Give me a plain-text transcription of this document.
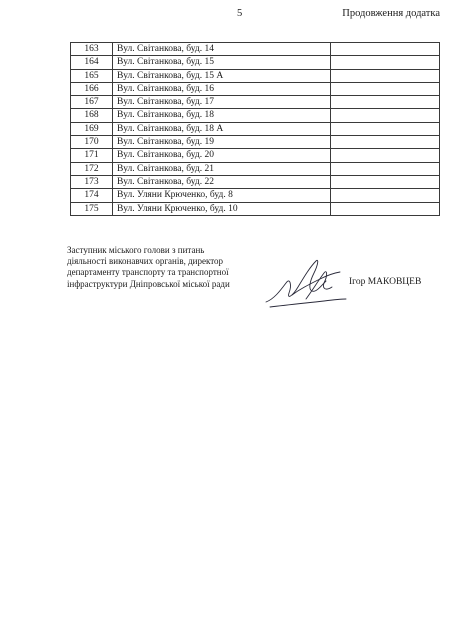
5	Продовження додатка
163	Вул. Світанкова, буд. 14	
164	Вул. Світанкова, буд. 15	
165	Вул. Світанкова, буд. 15 А	
166	Вул. Світанкова, буд. 16	
167	Вул. Світанкова, буд. 17	
168	Вул. Світанкова, буд. 18	
169	Вул. Світанкова, буд. 18 А	
170	Вул. Світанкова, буд. 19	
171	Вул. Світанкова, буд. 20	
172	Вул. Світанкова, буд. 21	
173	Вул. Світанкова, буд. 22	
174	Вул. Уляни Крюченко, буд. 8	
175	Вул. Уляни Крюченко, буд. 10	
Заступник міського голови з питань
діяльності виконавчих органів, директор
департаменту транспорту та транспортної
інфраструктури Дніпровської міської ради	Ігор МАКОВЦЕВ
